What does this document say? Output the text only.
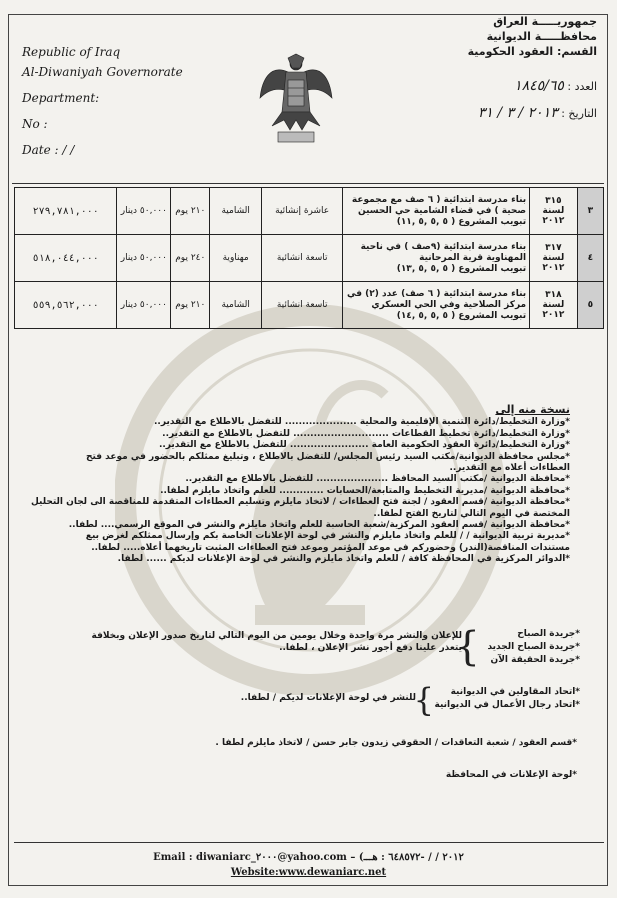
Republic of Iraq
Al-Diwaniyah Governorate
Department:
No :
Date : / /
جمهوريـــــة العراق
محافظـــــة الديوانية
القسم: العقود الحكومية
العدد : ١٨٤٥/٦٥
التاريخ : ٢٠١٣ / ٣ / ٣١
٣	٣١٥ لسنة ٢٠١٢	بناء مدرسة ابتدائية ( ٦ صف مع مجموعة
صحية ) في قضاء الشامية حي الحسين
تبويب المشروع ( ٥ ,٥ ,٥ ,١١)	عاشرة إنشائية	الشامية	٢١٠ يوم	٥٠,٠٠٠ دينار	٢٧٩,٧٨١,٠٠٠
٤	٣١٧ لسنة ٢٠١٢	بناء مدرسة ابتدائية (٩صف ) في ناحية
المهناوية قرية المرحانية
تبويب المشروع ( ٥ ,٥ ,٥ ,١٣)	تاسعة انشائية	مهناوية	٢٤٠ يوم	٥٠,٠٠٠ دينار	٥١٨,٠٤٤,٠٠٠
٥	٣١٨ لسنة ٢٠١٢	بناء مدرسة ابتدائية ( ٦ صف) عدد (٢) في
مركز الصلاحية وفي الحي العسكري
تبويب المشروع ( ٥ ,٥ ,٥ ,١٤)	تاسعة انشائية	الشامية	٢١٠ يوم	٥٠,٠٠٠ دينار	٥٥٩,٥٦٢,٠٠٠
نسخة منه إلى
*وزارة التخطيط/دائرة التنمية الإقليمية والمحلية ..................... للتفضل بالاطلاع مع التقدير..
*وزارة التخطيط/دائرة تخطيط القطاعات ............................ للتفضل بالاطلاع مع التقدير..
*وزارة التخطيط/دائرة العقود الحكومية العامة ....................... للتفضل بالاطلاع مع التقدير..
*مجلس محافظة الديوانية/مكتب السيد رئيس المجلس/ للتفضل بالاطلاع ، وتبليغ ممثلكم بالحضور في موعد فتح
العطاءات أعلاه مع التقدير..
*محافظة الديوانية /مكتب السيد المحافظ ..................... للتفضل بالاطلاع مع التقدير..
*محافظة الديوانية /مديرية التخطيط والمتابعة/الحسابات ............. للعلم واتخاذ مايلزم لطفا..
*محافظة الديوانية /قسم العقود / لجنة فتح العطاءات / لاتخاذ مايلزم وتسليم العطاءات المتقدمة للمناقصة الى لجان التحليل
المختصة في اليوم التالي لتاريخ الفتح لطفا..
*محافظة الديوانية /قسم العقود المركزية/شعبة الحاسبة للعلم واتخاذ مايلزم والنشر في الموقع الرسمي.... لطفا..
*مديرية تربية الديوانية / / للعلم واتخاذ مايلزم والنشر في لوحة الإعلانات الخاصة بكم وإرسال ممثلكم لغرض بيع
مستندات المناقصة(الندر) وحضوركم في موعد المؤتمر وموعد فتح العطاءات المثبت تاريخهما أعلاه..... لطفا..
*الدوائر المركزية في المحافظة كافة / للعلم واتخاذ مايلزم والنشر في لوحة الإعلانات لديكم ...... لطفا.
*جريدة الصباح
*جريدة الصباح الجديد
*جريدة الحقيقة الآن
}
للإعلان والنشر مرة واحدة وخلال يومين من اليوم التالي لتاريخ صدور الإعلان وبخلافة
يتعذر علينا دفع أجور نشر الإعلان ، لطفا..
*اتحاد المقاولين في الديوانية
*اتحاد رجال الأعمال في الديوانية
}
للنشر في لوحة الإعلانات لديكم / لطفا..
*قسم العقود / شعبة التعاقدات / الحقوقي زيدون جابر حسن / لاتخاذ مايلزم لطفا .
*لوحة الإعلانات في المحافظة
Email : diwaniarc_٢٠٠٠@yahoo.com – (٢٠١٢ / / -٦٤٨٥٧٢ : هـــ
Website:www.dewaniarc.net
